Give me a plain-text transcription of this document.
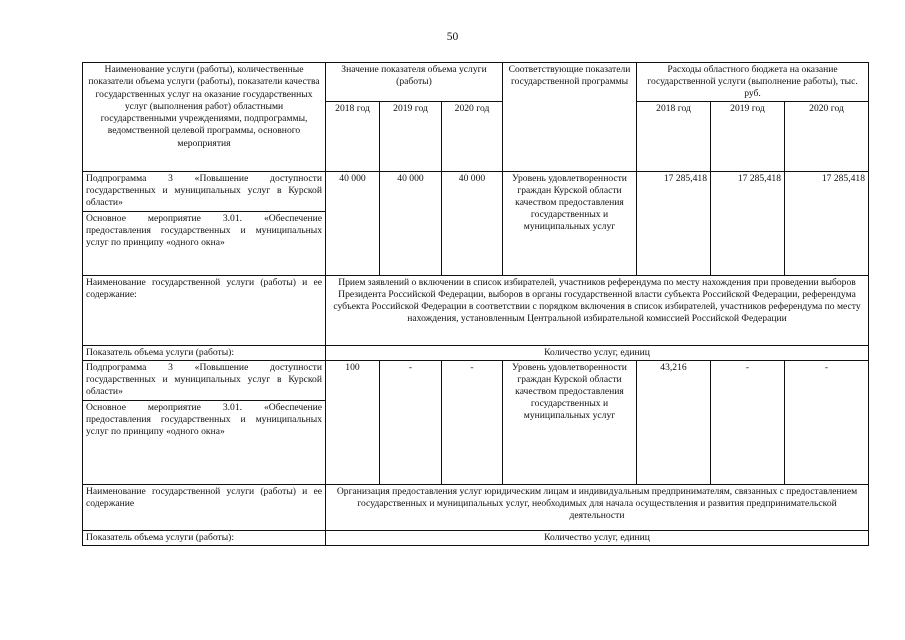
50
Наименование услуги (работы), количественные показатели объема услуги (работы), показатели качества государственных услуг на оказание государственных услуг (выполнения работ) областными государственными учреждениями, подпрограммы, ведомственной целевой программы, основного мероприятия	Значение показателя объема услуги (работы)			Соответствующие показатели государственной программы	Расходы областного бюджета на оказание государственной услуги (выполнение работы), тыс. руб.		
	2018 год	2019 год	2020 год		2018 год	2019 год	2020 год
Подпрограмма 3 «Повышение доступности государственных и муниципальных услуг в Курской области»	40 000	40 000	40 000	Уровень удовлетворенности граждан Курской области качеством предоставления государственных и муниципальных услуг	17 285,418	17 285,418	17 285,418
Основное мероприятие 3.01. «Обеспечение предоставления государственных и муниципальных услуг по принципу «одного окна»							
Наименование государственной услуги (работы) и ее содержание:	Прием заявлений о включении в список избирателей, участников референдума по месту нахождения при проведении выборов Президента Российской Федерации, выборов в органы государственной власти субъекта Российской Федерации, референдума субъекта Российской Федерации в соответствии с порядком включения в список избирателей, участников референдума по месту нахождения, установленным Центральной избирательной комиссией Российской Федерации						
Показатель объема услуги (работы):	Количество услуг, единиц						
Подпрограмма 3 «Повышение доступности государственных и муниципальных услуг в Курской области»	100	-	-	Уровень удовлетворенности граждан Курской области качеством предоставления государственных и муниципальных услуг	43,216	-	-
Основное мероприятие 3.01. «Обеспечение предоставления государственных и муниципальных услуг по принципу «одного окна»							
Наименование государственной услуги (работы) и ее содержание	Организация предоставления услуг юридическим лицам и индивидуальным предпринимателям, связанных с предоставлением государственных и муниципальных услуг, необходимых для начала осуществления и развития предпринимательской деятельности						
Показатель объема услуги (работы):	Количество услуг, единиц						
